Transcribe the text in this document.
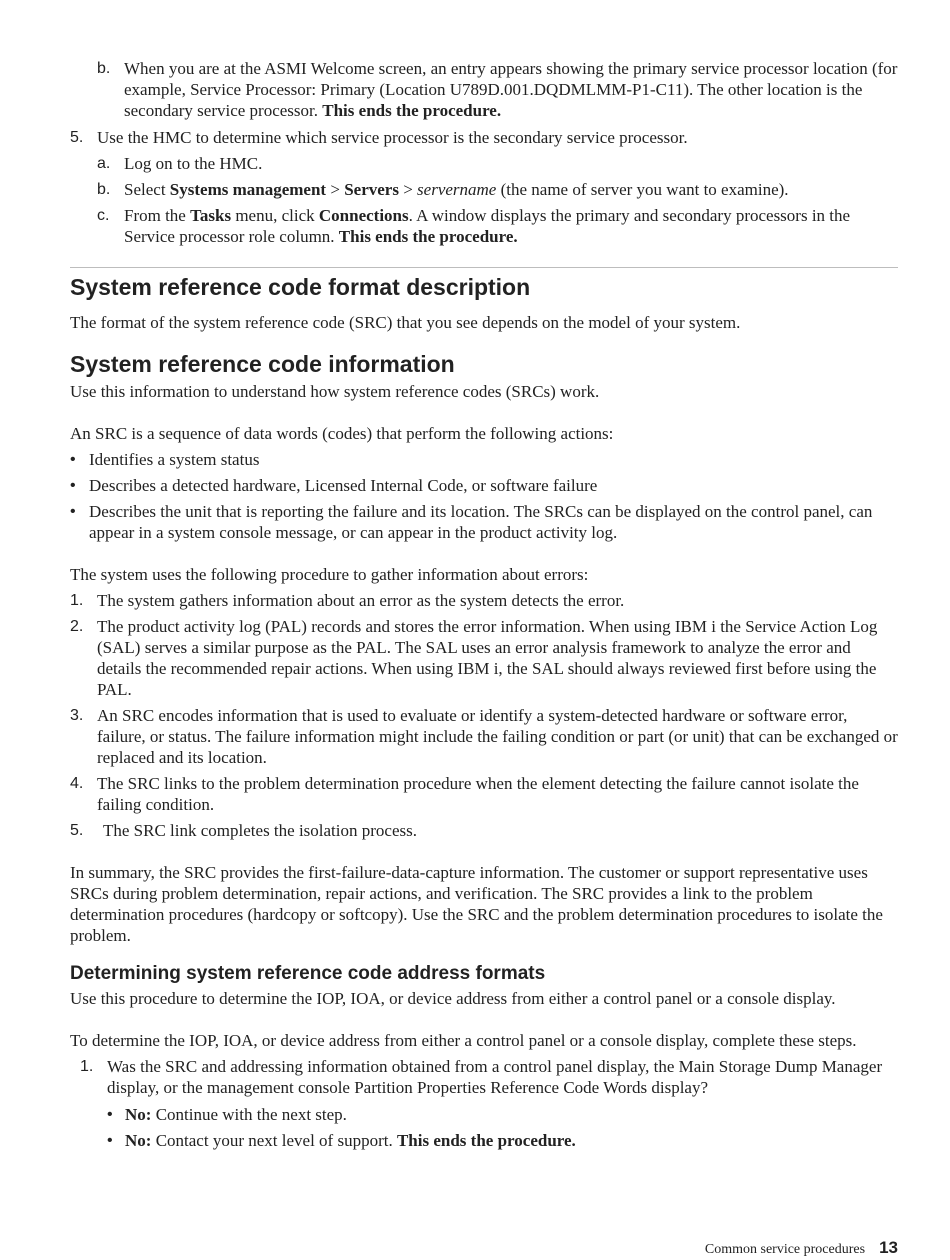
b. When you are at the ASMI Welcome screen, an entry appears showing the primary service processor location (for example, Service Processor: Primary (Location U789D.001.DQDMLMM-P1-C11). The other location is the secondary service processor. This ends the procedure.
5. Use the HMC to determine which service processor is the secondary service processor.
a. Log on to the HMC.
b. Select Systems management > Servers > servername (the name of server you want to examine).
c. From the Tasks menu, click Connections. A window displays the primary and secondary processors in the Service processor role column. This ends the procedure.
System reference code format description

The format of the system reference code (SRC) that you see depends on the model of your system.

System reference code information

Use this information to understand how system reference codes (SRCs) work.

An SRC is a sequence of data words (codes) that perform the following actions:

• Identifies a system status
• Describes a detected hardware, Licensed Internal Code, or software failure
• Describes the unit that is reporting the failure and its location. The SRCs can be displayed on the control panel, can appear in a system console message, or can appear in the product activity log.

The system uses the following procedure to gather information about errors:

1. The system gathers information about an error as the system detects the error.
2. The product activity log (PAL) records and stores the error information. When using IBM i the Service Action Log (SAL) serves a similar purpose as the PAL. The SAL uses an error analysis framework to analyze the error and details the recommended repair actions. When using IBM i, the SAL should always reviewed first before using the PAL.
3. An SRC encodes information that is used to evaluate or identify a system-detected hardware or software error, failure, or status. The failure information might include the failing condition or part (or unit) that can be exchanged or replaced and its location.
4. The SRC links to the problem determination procedure when the element detecting the failure cannot isolate the failing condition.
5.	The SRC link completes the isolation process.

In summary, the SRC provides the first-failure-data-capture information. The customer or support representative uses SRCs during problem determination, repair actions, and verification. The SRC provides a link to the problem determination procedures (hardcopy or softcopy). Use the SRC and the problem determination procedures to isolate the problem.

Determining system reference code address formats

Use this procedure to determine the IOP, IOA, or device address from either a control panel or a console display.

To determine the IOP, IOA, or device address from either a control panel or a console display, complete these steps.

1. Was the SRC and addressing information obtained from a control panel display, the Main Storage Dump Manager display, or the management console Partition Properties Reference Code Words display?
• No: Continue with the next step.
• No: Contact your next level of support. This ends the procedure.
Common service procedures 13
